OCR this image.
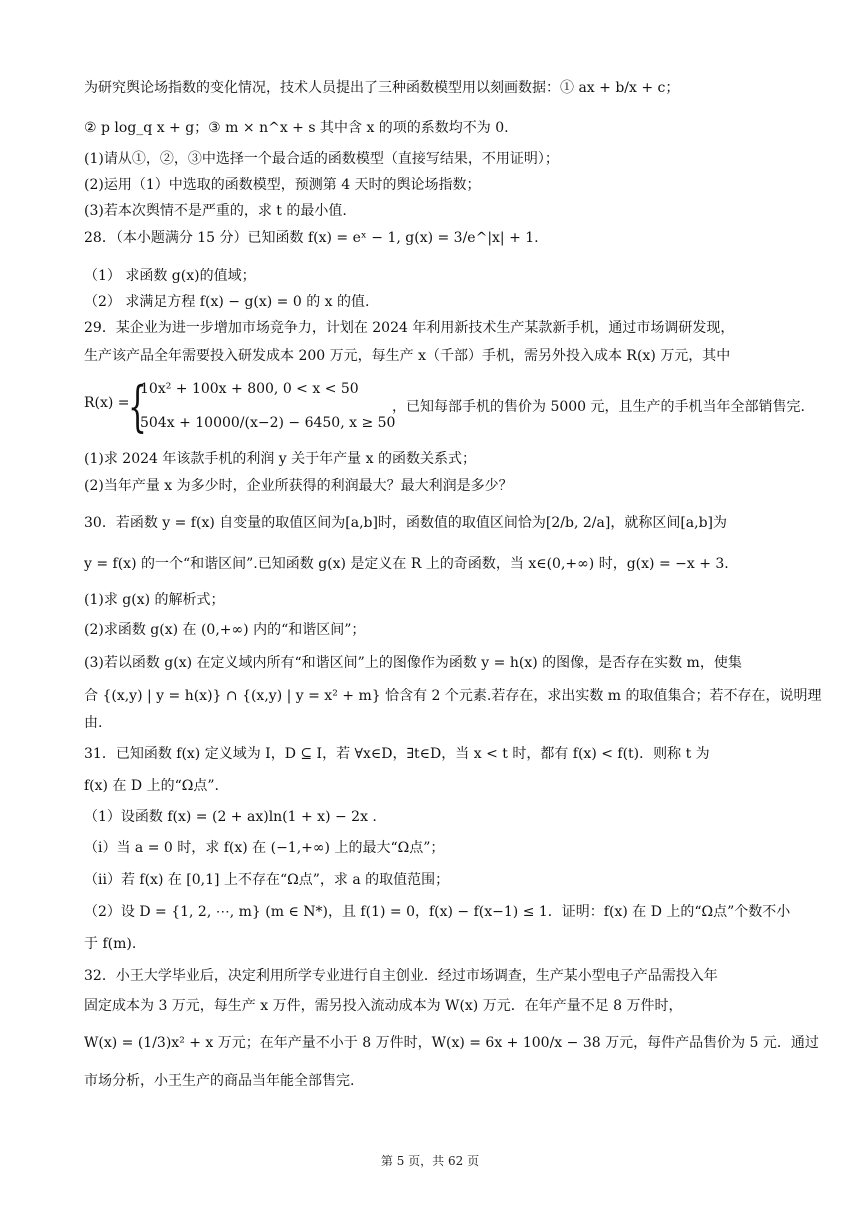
为研究舆论场指数的变化情况，技术人员提出了三种函数模型用以刻画数据：① ax + b/x + c；
② p log_q x + g；③ m × n^x + s 其中含 x 的项的系数均不为 0.
(1)请从①，②，③中选择一个最合适的函数模型（直接写结果，不用证明）；
(2)运用（1）中选取的函数模型，预测第 4 天时的舆论场指数；
(3)若本次舆情不是严重的，求 t 的最小值.
28．（本小题满分 15 分）已知函数 f(x) = eˣ − 1, g(x) = 3/e^|x| + 1.
（1） 求函数 g(x)的值域；
（2） 求满足方程 f(x) − g(x) = 0 的 x 的值.
29．某企业为进一步增加市场竞争力，计划在 2024 年利用新技术生产某款新手机，通过市场调研发现，
生产该产品全年需要投入研发成本 200 万元，每生产 x（千部）手机，需另外投入成本 R(x) 万元，其中
R(x) =
{
10x² + 100x + 800, 0 < x < 50
504x + 10000/(x−2) − 6450, x ≥ 50
，已知每部手机的售价为 5000 元，且生产的手机当年全部销售完.
(1)求 2024 年该款手机的利润 y 关于年产量 x 的函数关系式；
(2)当年产量 x 为多少时，企业所获得的利润最大？最大利润是多少？
30．若函数 y = f(x) 自变量的取值区间为[a,b]时，函数值的取值区间恰为[2/b, 2/a]，就称区间[a,b]为
y = f(x) 的一个“和谐区间”.已知函数 g(x) 是定义在 R 上的奇函数，当 x∈(0,+∞) 时，g(x) = −x + 3.
(1)求 g(x) 的解析式；
(2)求函数 g(x) 在 (0,+∞) 内的“和谐区间”；
(3)若以函数 g(x) 在定义域内所有“和谐区间”上的图像作为函数 y = h(x) 的图像，是否存在实数 m，使集
合 {(x,y) | y = h(x)} ∩ {(x,y) | y = x² + m} 恰含有 2 个元素.若存在，求出实数 m 的取值集合；若不存在，说明理
由.
31．已知函数 f(x) 定义域为 I，D ⊆ I，若 ∀x∈D，∃t∈D，当 x < t 时，都有 f(x) < f(t)．则称 t 为
f(x) 在 D 上的“Ω点”.
（1）设函数 f(x) = (2 + ax)ln(1 + x) − 2x .
（i）当 a = 0 时，求 f(x) 在 (−1,+∞) 上的最大“Ω点”；
（ii）若 f(x) 在 [0,1] 上不存在“Ω点”，求 a 的取值范围；
（2）设 D = {1, 2, ⋯, m} (m ∈ N*)，且 f(1) = 0，f(x) − f(x−1) ≤ 1．证明：f(x) 在 D 上的“Ω点”个数不小
于 f(m).
32．小王大学毕业后，决定利用所学专业进行自主创业．经过市场调查，生产某小型电子产品需投入年
固定成本为 3 万元，每生产 x 万件，需另投入流动成本为 W(x) 万元．在年产量不足 8 万件时，
W(x) = (1/3)x² + x 万元；在年产量不小于 8 万件时，W(x) = 6x + 100/x − 38 万元，每件产品售价为 5 元．通过
市场分析，小王生产的商品当年能全部售完.
第 5 页，共 62 页
